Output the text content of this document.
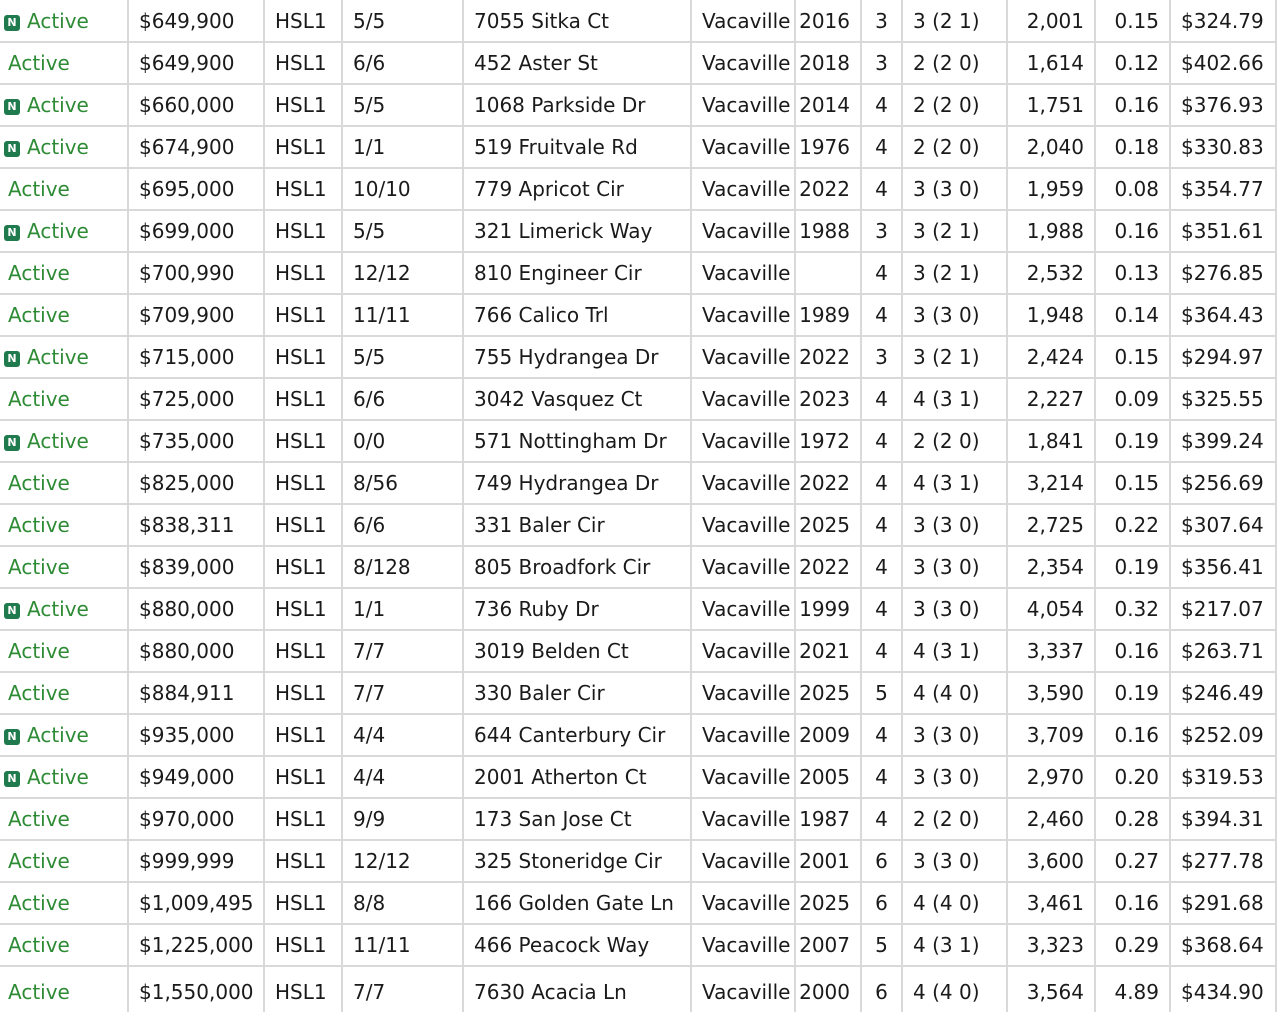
N Active	$649,900	HSL1	5/5	7055 Sitka Ct	Vacaville	2016	3	3 (2 1)	2,001	0.15	$324.79
Active	$649,900	HSL1	6/6	452 Aster St	Vacaville	2018	3	2 (2 0)	1,614	0.12	$402.66
N Active	$660,000	HSL1	5/5	1068 Parkside Dr	Vacaville	2014	4	2 (2 0)	1,751	0.16	$376.93
N Active	$674,900	HSL1	1/1	519 Fruitvale Rd	Vacaville	1976	4	2 (2 0)	2,040	0.18	$330.83
Active	$695,000	HSL1	10/10	779 Apricot Cir	Vacaville	2022	4	3 (3 0)	1,959	0.08	$354.77
N Active	$699,000	HSL1	5/5	321 Limerick Way	Vacaville	1988	3	3 (2 1)	1,988	0.16	$351.61
Active	$700,990	HSL1	12/12	810 Engineer Cir	Vacaville		4	3 (2 1)	2,532	0.13	$276.85
Active	$709,900	HSL1	11/11	766 Calico Trl	Vacaville	1989	4	3 (3 0)	1,948	0.14	$364.43
N Active	$715,000	HSL1	5/5	755 Hydrangea Dr	Vacaville	2022	3	3 (2 1)	2,424	0.15	$294.97
Active	$725,000	HSL1	6/6	3042 Vasquez Ct	Vacaville	2023	4	4 (3 1)	2,227	0.09	$325.55
N Active	$735,000	HSL1	0/0	571 Nottingham Dr	Vacaville	1972	4	2 (2 0)	1,841	0.19	$399.24
Active	$825,000	HSL1	8/56	749 Hydrangea Dr	Vacaville	2022	4	4 (3 1)	3,214	0.15	$256.69
Active	$838,311	HSL1	6/6	331 Baler Cir	Vacaville	2025	4	3 (3 0)	2,725	0.22	$307.64
Active	$839,000	HSL1	8/128	805 Broadfork Cir	Vacaville	2022	4	3 (3 0)	2,354	0.19	$356.41
N Active	$880,000	HSL1	1/1	736 Ruby Dr	Vacaville	1999	4	3 (3 0)	4,054	0.32	$217.07
Active	$880,000	HSL1	7/7	3019 Belden Ct	Vacaville	2021	4	4 (3 1)	3,337	0.16	$263.71
Active	$884,911	HSL1	7/7	330 Baler Cir	Vacaville	2025	5	4 (4 0)	3,590	0.19	$246.49
N Active	$935,000	HSL1	4/4	644 Canterbury Cir	Vacaville	2009	4	3 (3 0)	3,709	0.16	$252.09
N Active	$949,000	HSL1	4/4	2001 Atherton Ct	Vacaville	2005	4	3 (3 0)	2,970	0.20	$319.53
Active	$970,000	HSL1	9/9	173 San Jose Ct	Vacaville	1987	4	2 (2 0)	2,460	0.28	$394.31
Active	$999,999	HSL1	12/12	325 Stoneridge Cir	Vacaville	2001	6	3 (3 0)	3,600	0.27	$277.78
Active	$1,009,495	HSL1	8/8	166 Golden Gate Ln	Vacaville	2025	6	4 (4 0)	3,461	0.16	$291.68
Active	$1,225,000	HSL1	11/11	466 Peacock Way	Vacaville	2007	5	4 (3 1)	3,323	0.29	$368.64
Active	$1,550,000	HSL1	7/7	7630 Acacia Ln	Vacaville	2000	6	4 (4 0)	3,564	4.89	$434.90
